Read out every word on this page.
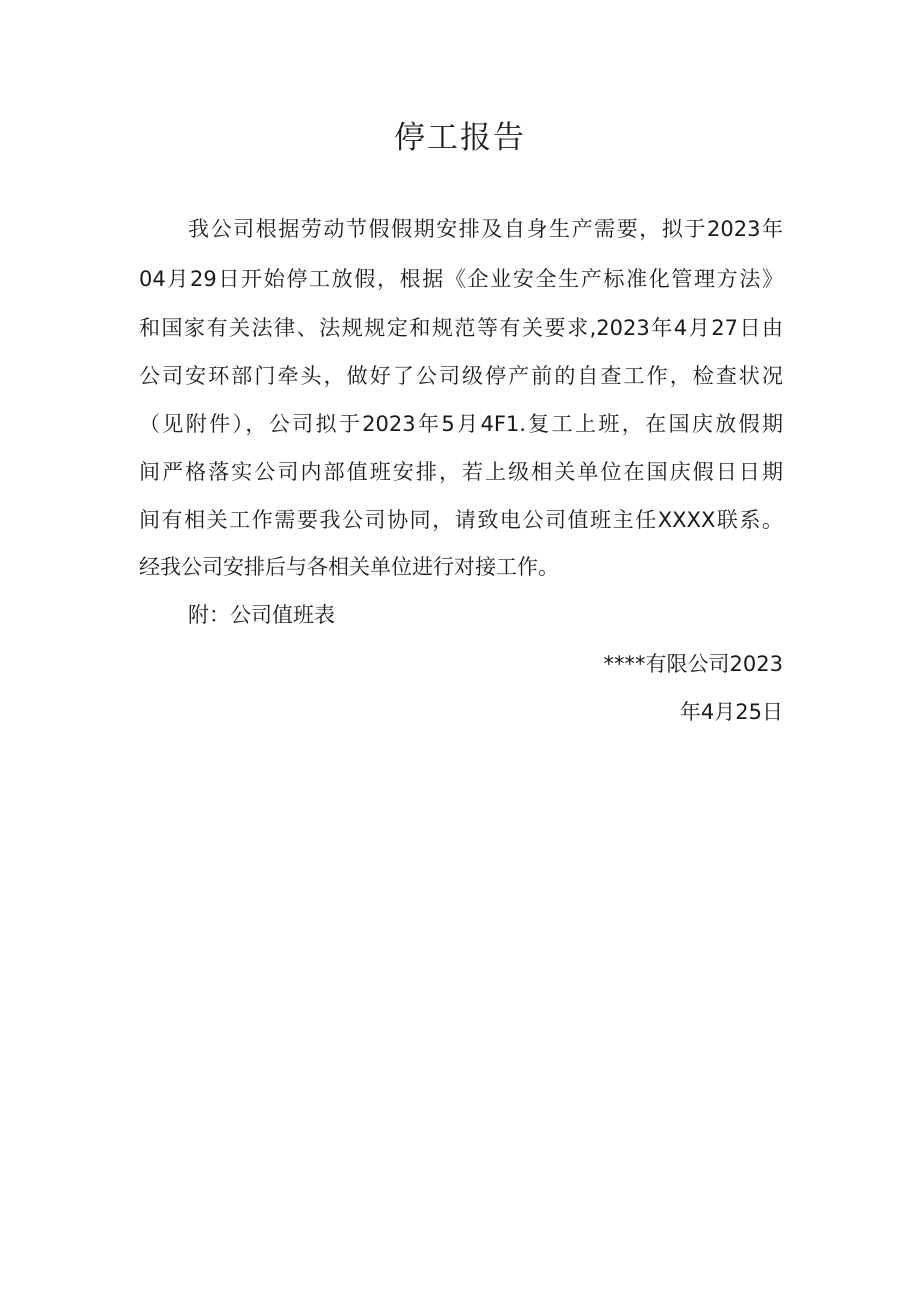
停工报告
我公司根据劳动节假假期安排及自身生产需要，拟于2023年
04月29日开始停工放假，根据《企业安全生产标准化管理方法》
和国家有关法律、法规规定和规范等有关要求,2023年4月27日由
公司安环部门牵头，做好了公司级停产前的自查工作，检查状况
（见附件），公司拟于2023年5月4F1.复工上班，在国庆放假期
间严格落实公司内部值班安排，若上级相关单位在国庆假日日期
间有相关工作需要我公司协同，请致电公司值班主任XXXX联系。
经我公司安排后与各相关单位进行对接工作。
附：公司值班表
****有限公司2023
年4月25日
